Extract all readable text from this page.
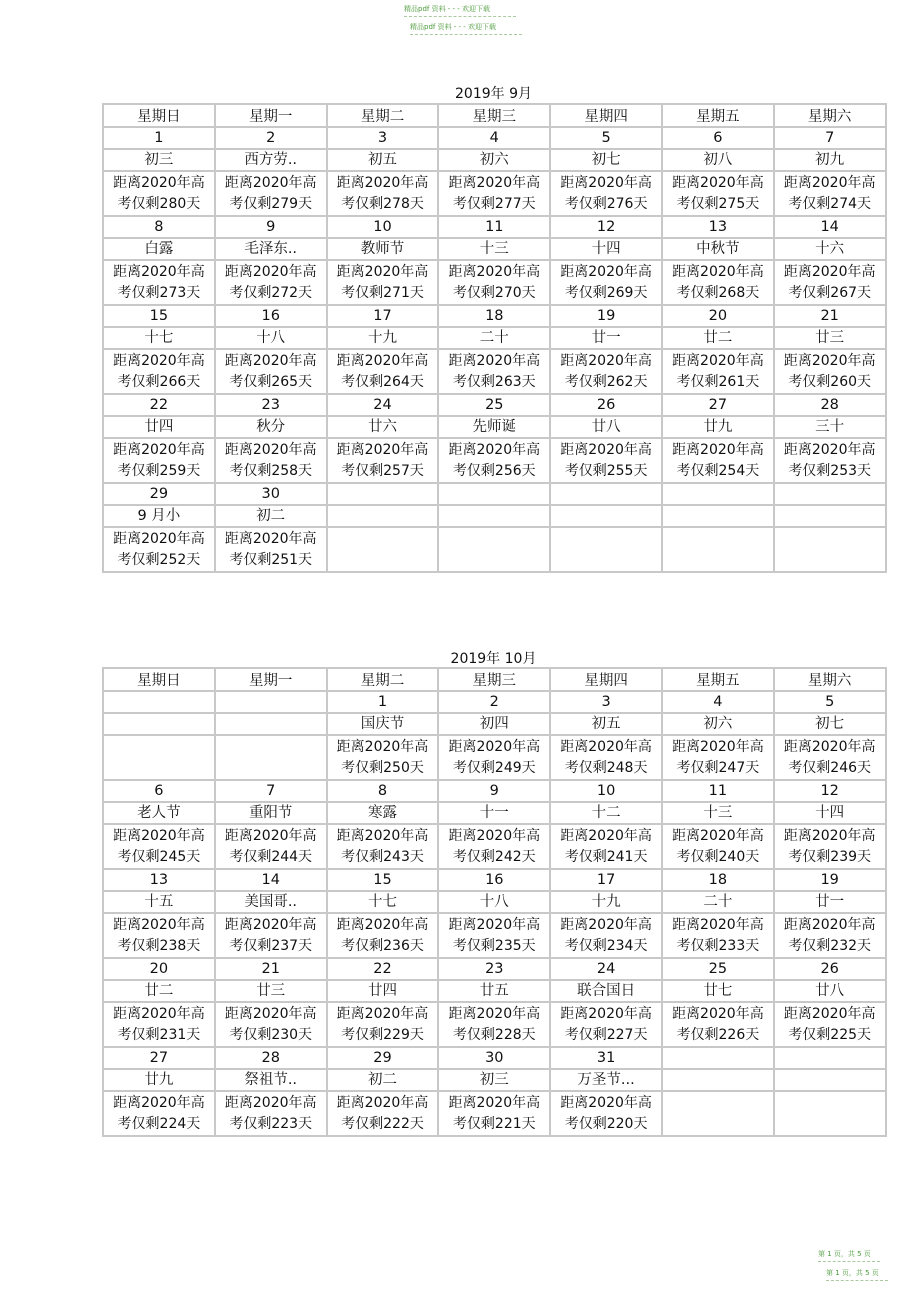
精品pdf 资料 - - - 欢迎下载
精品pdf 资料 - - - 欢迎下载
2019年 9月
星期日	星期一	星期二	星期三	星期四	星期五	星期六
1	2	3	4	5	6	7
初三	西方劳..	初五	初六	初七	初八	初九

距离2020年高
考仅剩280天	距离2020年高
考仅剩279天	距离2020年高
考仅剩278天	距离2020年高
考仅剩277天	距离2020年高
考仅剩276天	距离2020年高
考仅剩275天	距离2020年高
考仅剩274天

8	9	10	11	12	13	14
白露	毛泽东..	教师节	十三	十四	中秋节	十六

距离2020年高
考仅剩273天	距离2020年高
考仅剩272天	距离2020年高
考仅剩271天	距离2020年高
考仅剩270天	距离2020年高
考仅剩269天	距离2020年高
考仅剩268天	距离2020年高
考仅剩267天

15	16	17	18	19	20	21
十七	十八	十九	二十	廿一	廿二	廿三

距离2020年高
考仅剩266天	距离2020年高
考仅剩265天	距离2020年高
考仅剩264天	距离2020年高
考仅剩263天	距离2020年高
考仅剩262天	距离2020年高
考仅剩261天	距离2020年高
考仅剩260天

22	23	24	25	26	27	28
廿四	秋分	廿六	先师诞	廿八	廿九	三十

距离2020年高
考仅剩259天	距离2020年高
考仅剩258天	距离2020年高
考仅剩257天	距离2020年高
考仅剩256天	距离2020年高
考仅剩255天	距离2020年高
考仅剩254天	距离2020年高
考仅剩253天

29	30					
9 月小	初二					

距离2020年高
考仅剩252天	距离2020年高
考仅剩251天					

2019年 10月
星期日	星期一	星期二	星期三	星期四	星期五	星期六
		1	2	3	4	5
		国庆节	初四	初五	初六	初七

		距离2020年高
考仅剩250天	距离2020年高
考仅剩249天	距离2020年高
考仅剩248天	距离2020年高
考仅剩247天	距离2020年高
考仅剩246天

6	7	8	9	10	11	12
老人节	重阳节	寒露	十一	十二	十三	十四

距离2020年高
考仅剩245天	距离2020年高
考仅剩244天	距离2020年高
考仅剩243天	距离2020年高
考仅剩242天	距离2020年高
考仅剩241天	距离2020年高
考仅剩240天	距离2020年高
考仅剩239天

13	14	15	16	17	18	19
十五	美国哥..	十七	十八	十九	二十	廿一

距离2020年高
考仅剩238天	距离2020年高
考仅剩237天	距离2020年高
考仅剩236天	距离2020年高
考仅剩235天	距离2020年高
考仅剩234天	距离2020年高
考仅剩233天	距离2020年高
考仅剩232天

20	21	22	23	24	25	26
廿二	廿三	廿四	廿五	联合国日	廿七	廿八

距离2020年高
考仅剩231天	距离2020年高
考仅剩230天	距离2020年高
考仅剩229天	距离2020年高
考仅剩228天	距离2020年高
考仅剩227天	距离2020年高
考仅剩226天	距离2020年高
考仅剩225天

27	28	29	30	31		
廿九	祭祖节..	初二	初三	万圣节...		

距离2020年高
考仅剩224天	距离2020年高
考仅剩223天	距离2020年高
考仅剩222天	距离2020年高
考仅剩221天	距离2020年高
考仅剩220天		

第 1 页，共 5 页
第 1 页，共 5 页
